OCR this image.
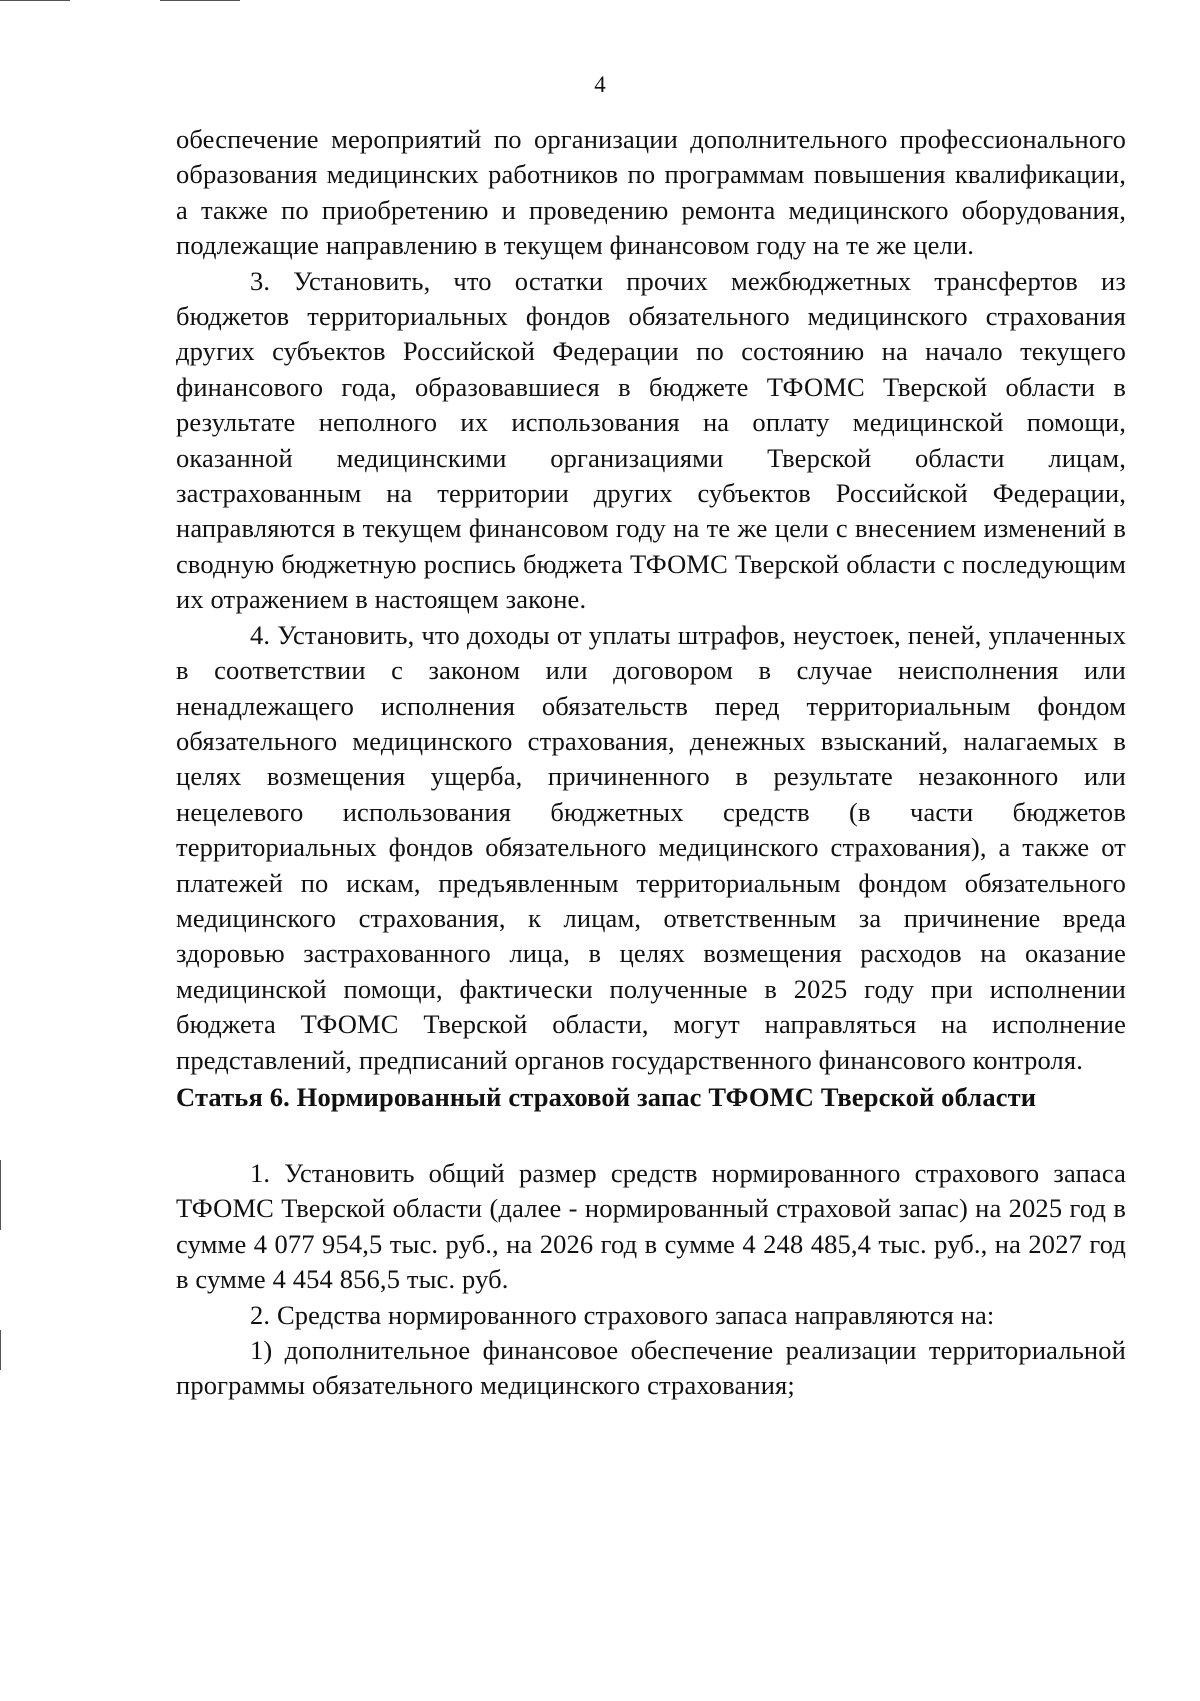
4

обеспечение мероприятий по организации дополнительного профессионального образования медицинских работников по программам повышения квалификации, а также по приобретению и проведению ремонта медицинского оборудования, подлежащие направлению в текущем финансовом году на те же цели.

3. Установить, что остатки прочих межбюджетных трансфертов из бюджетов территориальных фондов обязательного медицинского страхования других субъектов Российской Федерации по состоянию на начало текущего финансового года, образовавшиеся в бюджете ТФОМС Тверской области в результате неполного их использования на оплату медицинской помощи, оказанной медицинскими организациями Тверской области лицам, застрахованным на территории других субъектов Российской Федерации, направляются в текущем финансовом году на те же цели с внесением изменений в сводную бюджетную роспись бюджета ТФОМС Тверской области с последующим их отражением в настоящем законе.

4. Установить, что доходы от уплаты штрафов, неустоек, пеней, уплаченных в соответствии с законом или договором в случае неисполнения или ненадлежащего исполнения обязательств перед территориальным фондом обязательного медицинского страхования, денежных взысканий, налагаемых в целях возмещения ущерба, причиненного в результате незаконного или нецелевого использования бюджетных средств (в части бюджетов территориальных фондов обязательного медицинского страхования), а также от платежей по искам, предъявленным территориальным фондом обязательного медицинского страхования, к лицам, ответственным за причинение вреда здоровью застрахованного лица, в целях возмещения расходов на оказание медицинской помощи, фактически полученные в 2025 году при исполнении бюджета ТФОМС Тверской области, могут направляться на исполнение представлений, предписаний органов государственного финансового контроля.

Статья 6. Нормированный страховой запас ТФОМС Тверской области

1. Установить общий размер средств нормированного страхового запаса ТФОМС Тверской области (далее - нормированный страховой запас) на 2025 год в сумме 4 077 954,5 тыс. руб., на 2026 год в сумме 4 248 485,4 тыс. руб., на 2027 год в сумме 4 454 856,5 тыс. руб.

2. Средства нормированного страхового запаса направляются на:

1) дополнительное финансовое обеспечение реализации территориальной программы обязательного медицинского страхования;
